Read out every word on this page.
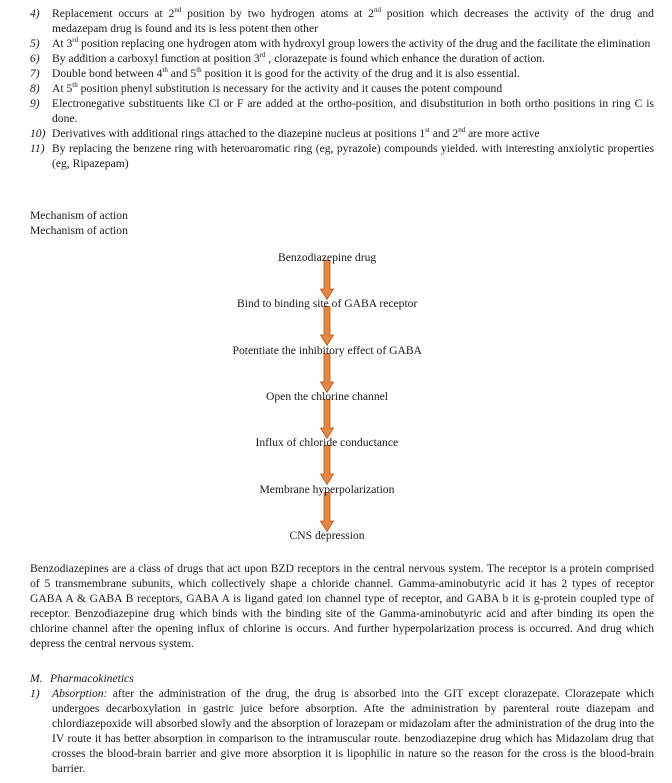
4) Replacement occurs at 2nd position by two hydrogen atoms at 2nd position which decreases the activity of the drug and medazepam drug is found and its is less potent then other
5) At 3rd position replacing one hydrogen atom with hydroxyl group lowers the activity of the drug and the facilitate the elimination
6) By addition a carboxyl function at position 3rd , clorazepate is found which enhance the duration of action.
7) Double bond between 4th and 5th position it is good for the activity of the drug and it is also essential.
8) At 5th position phenyl substitution is necessary for the activity and it causes the potent compound
9) Electronegative substituents like Cl or F are added at the ortho-position, and disubstitution in both ortho positions in ring C is done.
10) Derivatives with additional rings attached to the diazepine nucleus at positions 1st and 2nd are more active
11) By replacing the benzene ring with heteroaromatic ring (eg, pyrazole) compounds yielded. with interesting anxiolytic properties (eg, Ripazepam)
Mechanism of action
Mechanism of action
Benzodiazepine drug
Bind to binding site of GABA receptor
Potentiate the inhibitory effect of GABA
Open the chlorine channel
Influx of chloride conductance
Membrane hyperpolarization
CNS depression
Benzodiazepines are a class of drugs that act upon BZD receptors in the central nervous system. The receptor is a protein comprised of 5 transmembrane subunits, which collectively shape a chloride channel. Gamma-aminobutyric acid it has 2 types of receptor GABA A & GABA B receptors, GABA A is ligand gated ion channel type of receptor, and GABA b it is g-protein coupled type of receptor. Benzodiazepine drug which binds with the binding site of the Gamma-aminobutyric acid and after binding its open the chlorine channel after the opening influx of chlorine is occurs. And further hyperpolarization process is occurred. And drug which depress the central nervous system.
M. Pharmacokinetics
1) Absorption: after the administration of the drug, the drug is absorbed into the GIT except clorazepate. Clorazepate which undergoes decarboxylation in gastric juice before absorption. Afte the administration by parenteral route diazepam and chlordiazepoxide will absorbed slowly and the absorption of lorazepam or midazolam after the administration of the drug into the IV route it has better absorption in comparison to the intramuscular route. benzodiazepine drug which has Midazolam drug that crosses the blood-brain barrier and give more absorption it is lipophilic in nature so the reason for the cross is the blood-brain barrier.
